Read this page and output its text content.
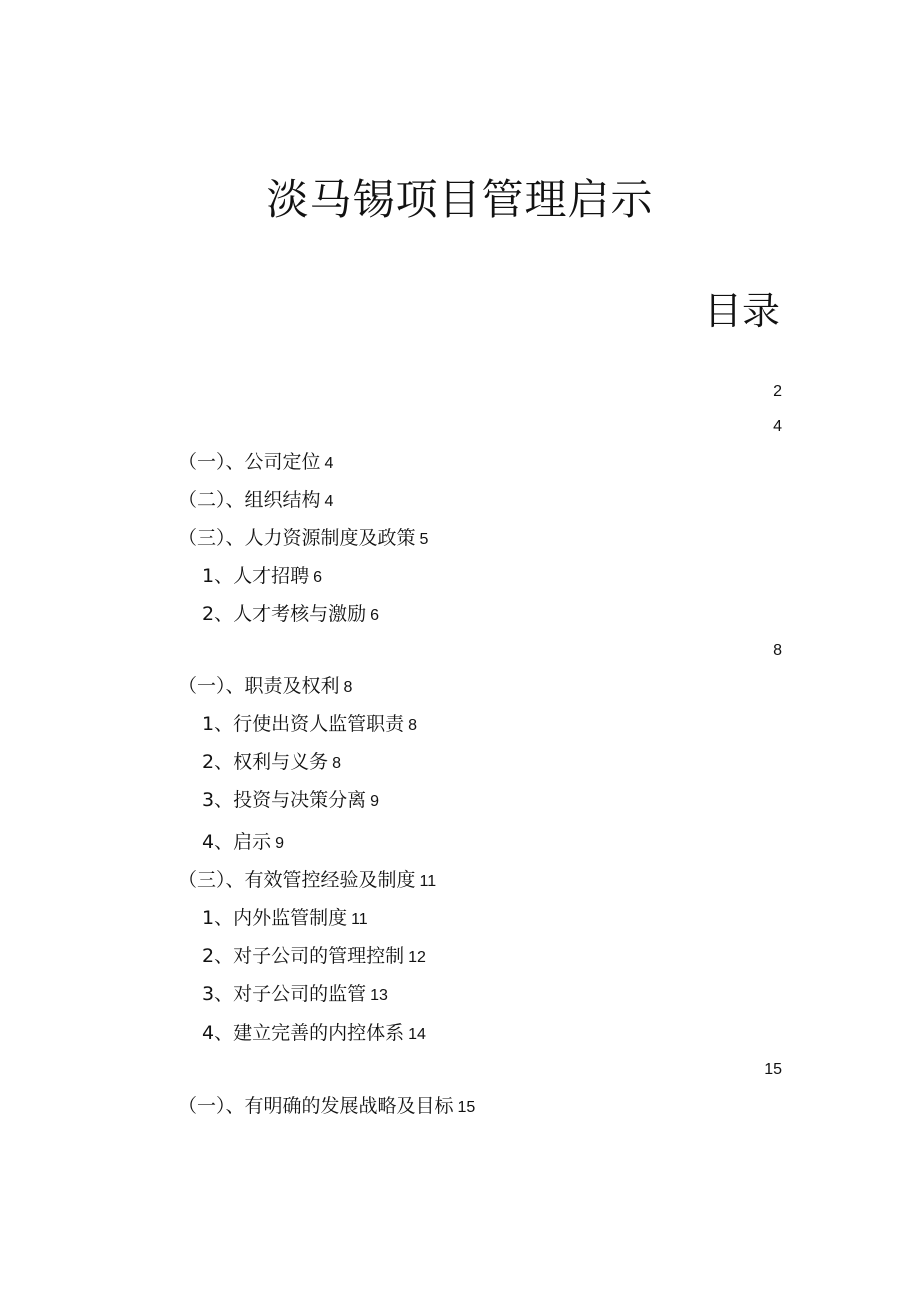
淡马锡项目管理启示
目录
2
4
（一）、公司定位 4
（二）、组织结构 4
（三）、人力资源制度及政策 5
1、人才招聘 6
2、人才考核与激励 6
8
（一）、职责及权利 8
1、行使出资人监管职责 8
2、权利与义务 8
3、投资与决策分离 9
4、启示 9
（三）、有效管控经验及制度 11
1、内外监管制度 11
2、对子公司的管理控制 12
3、对子公司的监管 13
4、建立完善的内控体系 14
15
（一）、有明确的发展战略及目标 15
